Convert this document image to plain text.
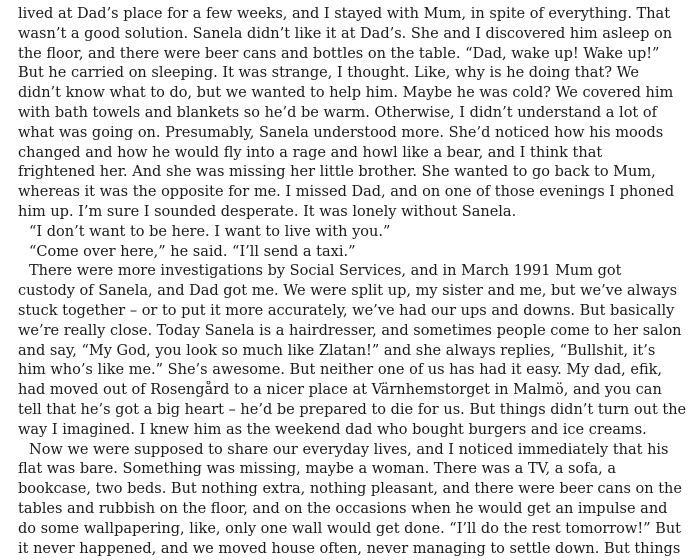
lived at Dad’s place for a few weeks, and I stayed with Mum, in spite of everything. That
wasn’t a good solution. Sanela didn’t like it at Dad’s. She and I discovered him asleep on
the floor, and there were beer cans and bottles on the table. “Dad, wake up! Wake up!”
But he carried on sleeping. It was strange, I thought. Like, why is he doing that? We
didn’t know what to do, but we wanted to help him. Maybe he was cold? We covered him
with bath towels and blankets so he’d be warm. Otherwise, I didn’t understand a lot of
what was going on. Presumably, Sanela understood more. She’d noticed how his moods
changed and how he would fly into a rage and howl like a bear, and I think that
frightened her. And she was missing her little brother. She wanted to go back to Mum,
whereas it was the opposite for me. I missed Dad, and on one of those evenings I phoned
him up. I’m sure I sounded desperate. It was lonely without Sanela.
“I don’t want to be here. I want to live with you.”
“Come over here,” he said. “I’ll send a taxi.”
There were more investigations by Social Services, and in March 1991 Mum got
custody of Sanela, and Dad got me. We were split up, my sister and me, but we’ve always
stuck together – or to put it more accurately, we’ve had our ups and downs. But basically
we’re really close. Today Sanela is a hairdresser, and sometimes people come to her salon
and say, “My God, you look so much like Zlatan!” and she always replies, “Bullshit, it’s
him who’s like me.” She’s awesome. But neither one of us has had it easy. My dad, efik,
had moved out of Rosengård to a nicer place at Värnhemstorget in Malmö, and you can
tell that he’s got a big heart – he’d be prepared to die for us. But things didn’t turn out the
way I imagined. I knew him as the weekend dad who bought burgers and ice creams.
Now we were supposed to share our everyday lives, and I noticed immediately that his
flat was bare. Something was missing, maybe a woman. There was a TV, a sofa, a
bookcase, two beds. But nothing extra, nothing pleasant, and there were beer cans on the
tables and rubbish on the floor, and on the occasions when he would get an impulse and
do some wallpapering, like, only one wall would get done. “I’ll do the rest tomorrow!” But
it never happened, and we moved house often, never managing to settle down. But things
